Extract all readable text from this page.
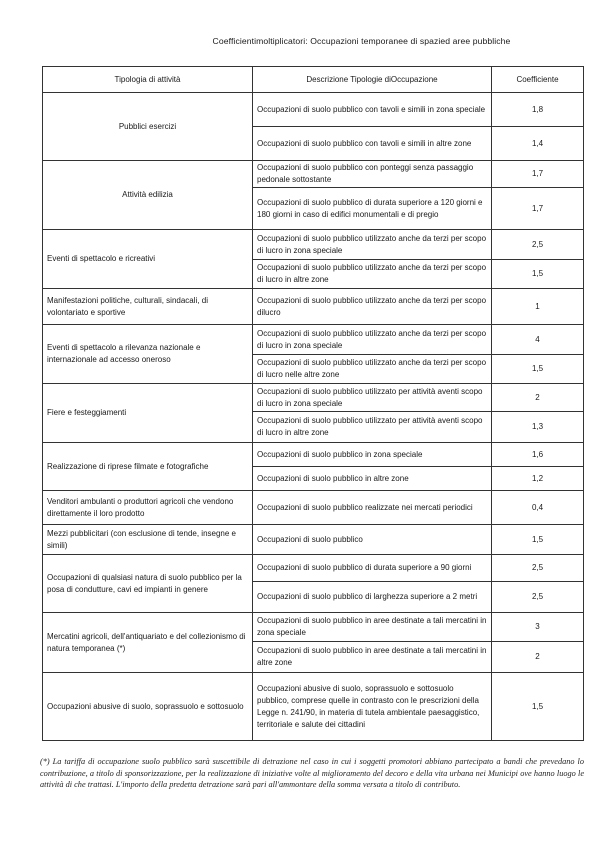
Coefficientimoltiplicatori: Occupazioni temporanee di spazied aree pubbliche
Tipologia di attività	Descrizione Tipologie diOccupazione	Coefficiente
Pubblici esercizi	Occupazioni di suolo pubblico con tavoli e simili in zona speciale	1,8
	Occupazioni di suolo pubblico con tavoli e simili in altre zone	1,4
Attività edilizia	Occupazioni di suolo pubblico con ponteggi senza passaggio pedonale sottostante	1,7
	Occupazioni di suolo pubblico di durata superiore a 120 giorni e 180 giorni in caso di edifici monumentali e di pregio	1,7
Eventi di spettacolo e ricreativi	Occupazioni di suolo pubblico utilizzato anche da terzi per scopo di lucro in zona speciale	2,5
	Occupazioni di suolo pubblico utilizzato anche da terzi per scopo di lucro in altre zone	1,5
Manifestazioni politiche, culturali, sindacali, di volontariato e sportive	Occupazioni di suolo pubblico utilizzato anche da terzi per scopo dilucro	1
Eventi di spettacolo a rilevanza nazionale e internazionale ad accesso oneroso	Occupazioni di suolo pubblico utilizzato anche da terzi per scopo di lucro in zona speciale	4
	Occupazioni di suolo pubblico utilizzato anche da terzi per scopo di lucro nelle altre zone	1,5
Fiere e festeggiamenti	Occupazioni di suolo pubblico utilizzato per attività aventi scopo di lucro in zona speciale	2
	Occupazioni di suolo pubblico utilizzato per attività aventi scopo di lucro in altre zone	1,3
Realizzazione di riprese filmate e fotografiche	Occupazioni di suolo pubblico in zona speciale	1,6
	Occupazioni di suolo pubblico in altre zone	1,2
Venditori ambulanti o produttori agricoli che vendono direttamente il loro prodotto	Occupazioni di suolo pubblico realizzate nei mercati periodici	0,4
Mezzi pubblicitari (con esclusione di tende, insegne e simili)	Occupazioni di suolo pubblico	1,5
Occupazioni di qualsiasi natura di suolo pubblico per la posa di condutture, cavi ed impianti in genere	Occupazioni di suolo pubblico di durata superiore a 90 giorni	2,5
	Occupazioni di suolo pubblico di larghezza superiore a 2 metri	2,5
Mercatini agricoli, dell'antiquariato e del collezionismo di natura temporanea (*)	Occupazioni di suolo pubblico in aree destinate a tali mercatini in zona speciale	3
	Occupazioni di suolo pubblico in aree destinate a tali mercatini in altre zone	2
Occupazioni abusive di suolo, soprassuolo e sottosuolo	Occupazioni abusive di suolo, soprassuolo e sottosuolo pubblico, comprese quelle in contrasto con le prescrizioni della Legge n. 241/90, in materia di tutela ambientale paesaggistico, territoriale e salute dei cittadini	1,5
(*) La tariffa di occupazione suolo pubblico sarà suscettibile di detrazione nel caso in cui i soggetti promotori abbiano partecipato a bandi che prevedano lo contribuzione, a titolo di sponsorizzazione, per la realizzazione di iniziative volte al miglioramento del decoro e della vita urbana nei Municipi ove hanno luogo le attività di che trattasi. L'importo della predetta detrazione sarà pari all'ammontare della somma versata a titolo di contributo.
